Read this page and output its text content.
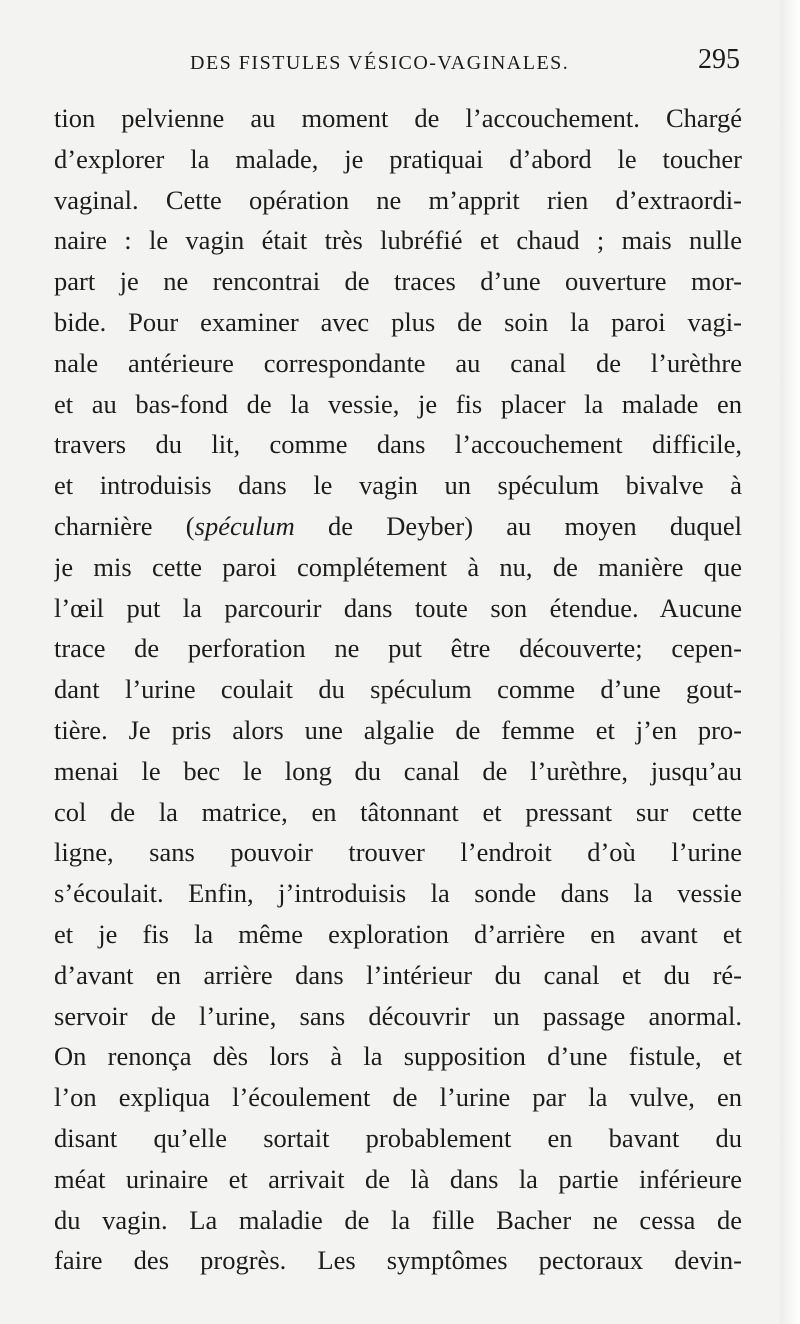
DES FISTULES VÉSICO-VAGINALES.	295
tion pelvienne au moment de l’accouchement. Chargé
d’explorer la malade, je pratiquai d’abord le toucher
vaginal. Cette opération ne m’apprit rien d’extraordi-
naire : le vagin était très lubréfié et chaud ; mais nulle
part je ne rencontrai de traces d’une ouverture mor-
bide. Pour examiner avec plus de soin la paroi vagi-
nale antérieure correspondante au canal de l’urèthre
et au bas-fond de la vessie, je fis placer la malade en
travers du lit, comme dans l’accouchement difficile,
et introduisis dans le vagin un spéculum bivalve à
charnière (spéculum de Deyber) au moyen duquel
je mis cette paroi complétement à nu, de manière que
l’œil put la parcourir dans toute son étendue. Aucune
trace de perforation ne put être découverte; cepen-
dant l’urine coulait du spéculum comme d’une gout-
tière. Je pris alors une algalie de femme et j’en pro-
menai le bec le long du canal de l’urèthre, jusqu’au
col de la matrice, en tâtonnant et pressant sur cette
ligne, sans pouvoir trouver l’endroit d’où l’urine
s’écoulait. Enfin, j’introduisis la sonde dans la vessie
et je fis la même exploration d’arrière en avant et
d’avant en arrière dans l’intérieur du canal et du ré-
servoir de l’urine, sans découvrir un passage anormal.
On renonça dès lors à la supposition d’une fistule, et
l’on expliqua l’écoulement de l’urine par la vulve, en
disant qu’elle sortait probablement en bavant du
méat urinaire et arrivait de là dans la partie inférieure
du vagin. La maladie de la fille Bacher ne cessa de
faire des progrès. Les symptômes pectoraux devin-
